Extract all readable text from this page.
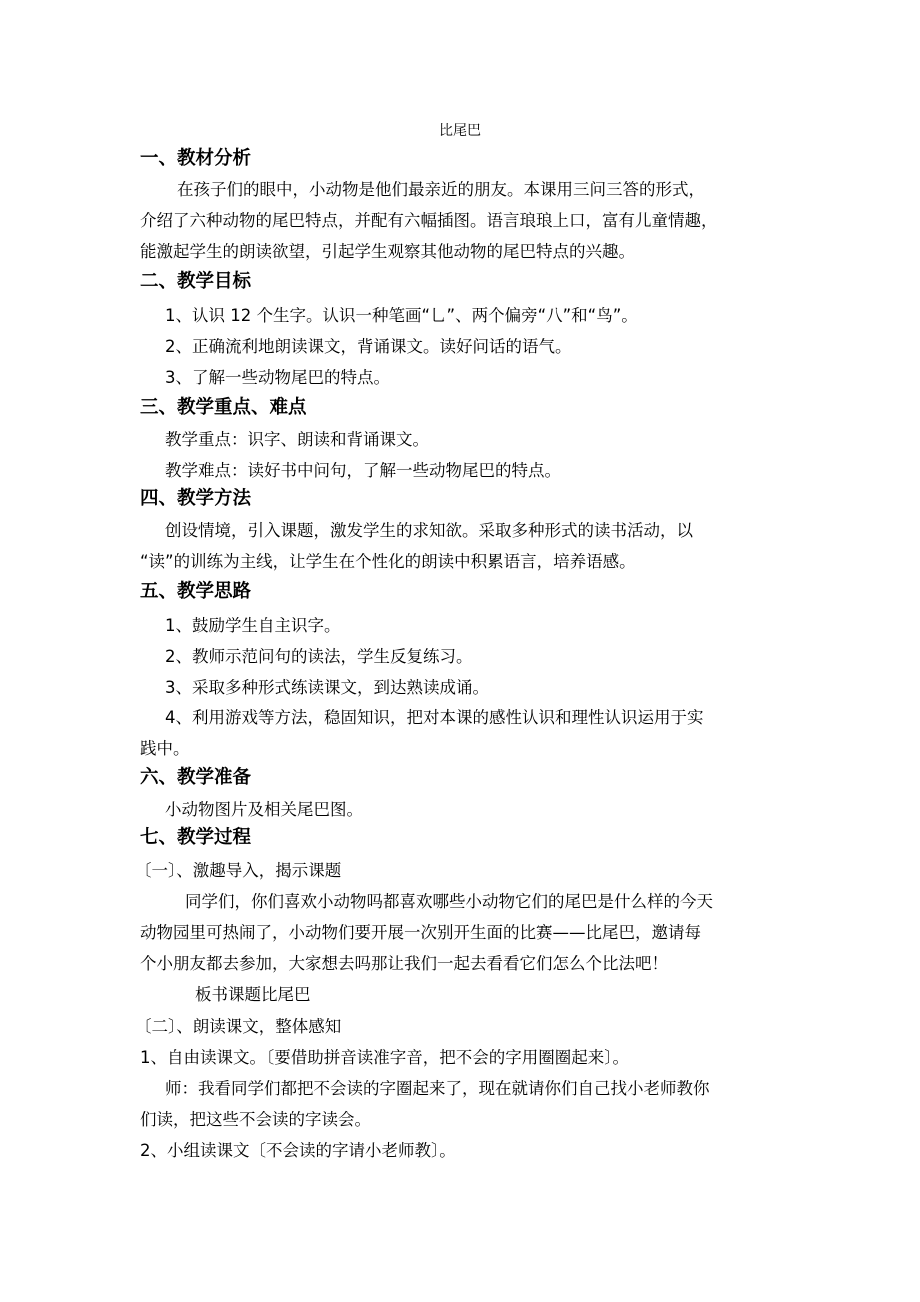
比尾巴
一、教材分析
在孩子们的眼中，小动物是他们最亲近的朋友。本课用三问三答的形式，
介绍了六种动物的尾巴特点，并配有六幅插图。语言琅琅上口，富有儿童情趣，
能激起学生的朗读欲望，引起学生观察其他动物的尾巴特点的兴趣。
二、教学目标
1、认识 12 个生字。认识一种笔画“乚”、两个偏旁“八”和“鸟”。
2、正确流利地朗读课文，背诵课文。读好问话的语气。
3、了解一些动物尾巴的特点。
三、教学重点、难点
教学重点：识字、朗读和背诵课文。
教学难点：读好书中问句，了解一些动物尾巴的特点。
四、教学方法
创设情境，引入课题，激发学生的求知欲。采取多种形式的读书活动，以
“读”的训练为主线，让学生在个性化的朗读中积累语言，培养语感。
五、教学思路
1、鼓励学生自主识字。
2、教师示范问句的读法，学生反复练习。
3、采取多种形式练读课文，到达熟读成诵。
4、利用游戏等方法，稳固知识，把对本课的感性认识和理性认识运用于实
践中。
六、教学准备
小动物图片及相关尾巴图。
七、教学过程
〔一〕、激趣导入，揭示课题
同学们，你们喜欢小动物吗都喜欢哪些小动物它们的尾巴是什么样的今天
动物园里可热闹了，小动物们要开展一次别开生面的比赛——比尾巴，邀请每
个小朋友都去参加，大家想去吗那让我们一起去看看它们怎么个比法吧！
板书课题比尾巴
〔二〕、朗读课文，整体感知
1、自由读课文。〔要借助拼音读准字音，把不会的字用圈圈起来〕。
师：我看同学们都把不会读的字圈起来了，现在就请你们自己找小老师教你
们读，把这些不会读的字读会。
2、小组读课文〔不会读的字请小老师教〕。
